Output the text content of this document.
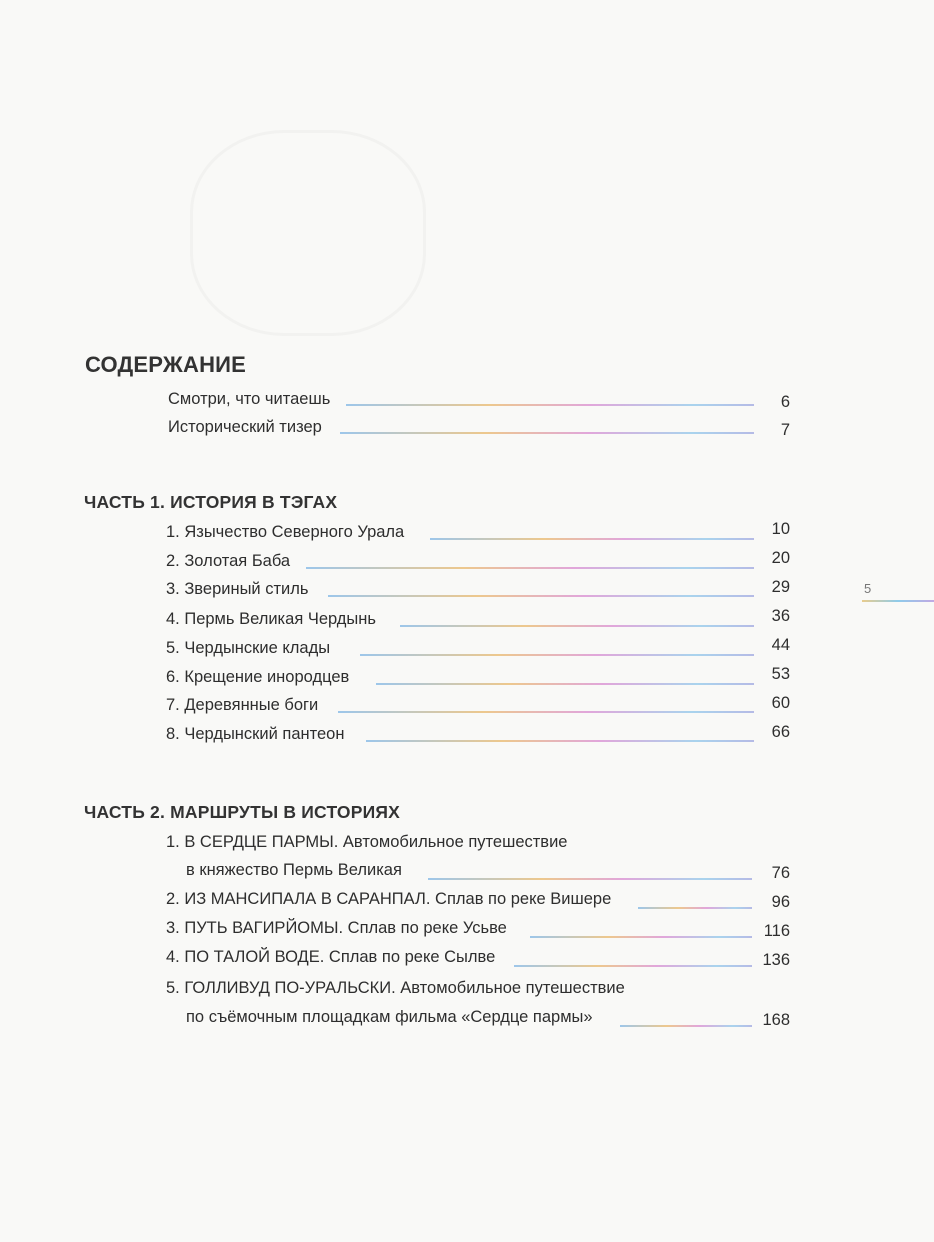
СОДЕРЖАНИЕ
Смотри, что читаешь	6
Исторический тизер	7
ЧАСТЬ 1. ИСТОРИЯ В ТЭГАХ
1. Язычество Северного Урала	10
2. Золотая Баба	20
3. Звериный стиль	29
4. Пермь Великая Чердынь	36
5. Чердынские клады	44
6. Крещение инородцев	53
7. Деревянные боги	60
8. Чердынский пантеон	66
ЧАСТЬ 2. МАРШРУТЫ В ИСТОРИЯХ
1. В СЕРДЦЕ ПАРМЫ. Автомобильное путешествие
в княжество Пермь Великая	76
2. ИЗ МАНСИПАЛА В САРАНПАЛ. Сплав по реке Вишере	96
3. ПУТЬ ВАГИРЙОМЫ. Сплав по реке Усьве	116
4. ПО ТАЛОЙ ВОДЕ. Сплав по реке Сылве	136
5. ГОЛЛИВУД ПО-УРАЛЬСКИ. Автомобильное путешествие
по съёмочным площадкам фильма «Сердце пармы»	168
5
